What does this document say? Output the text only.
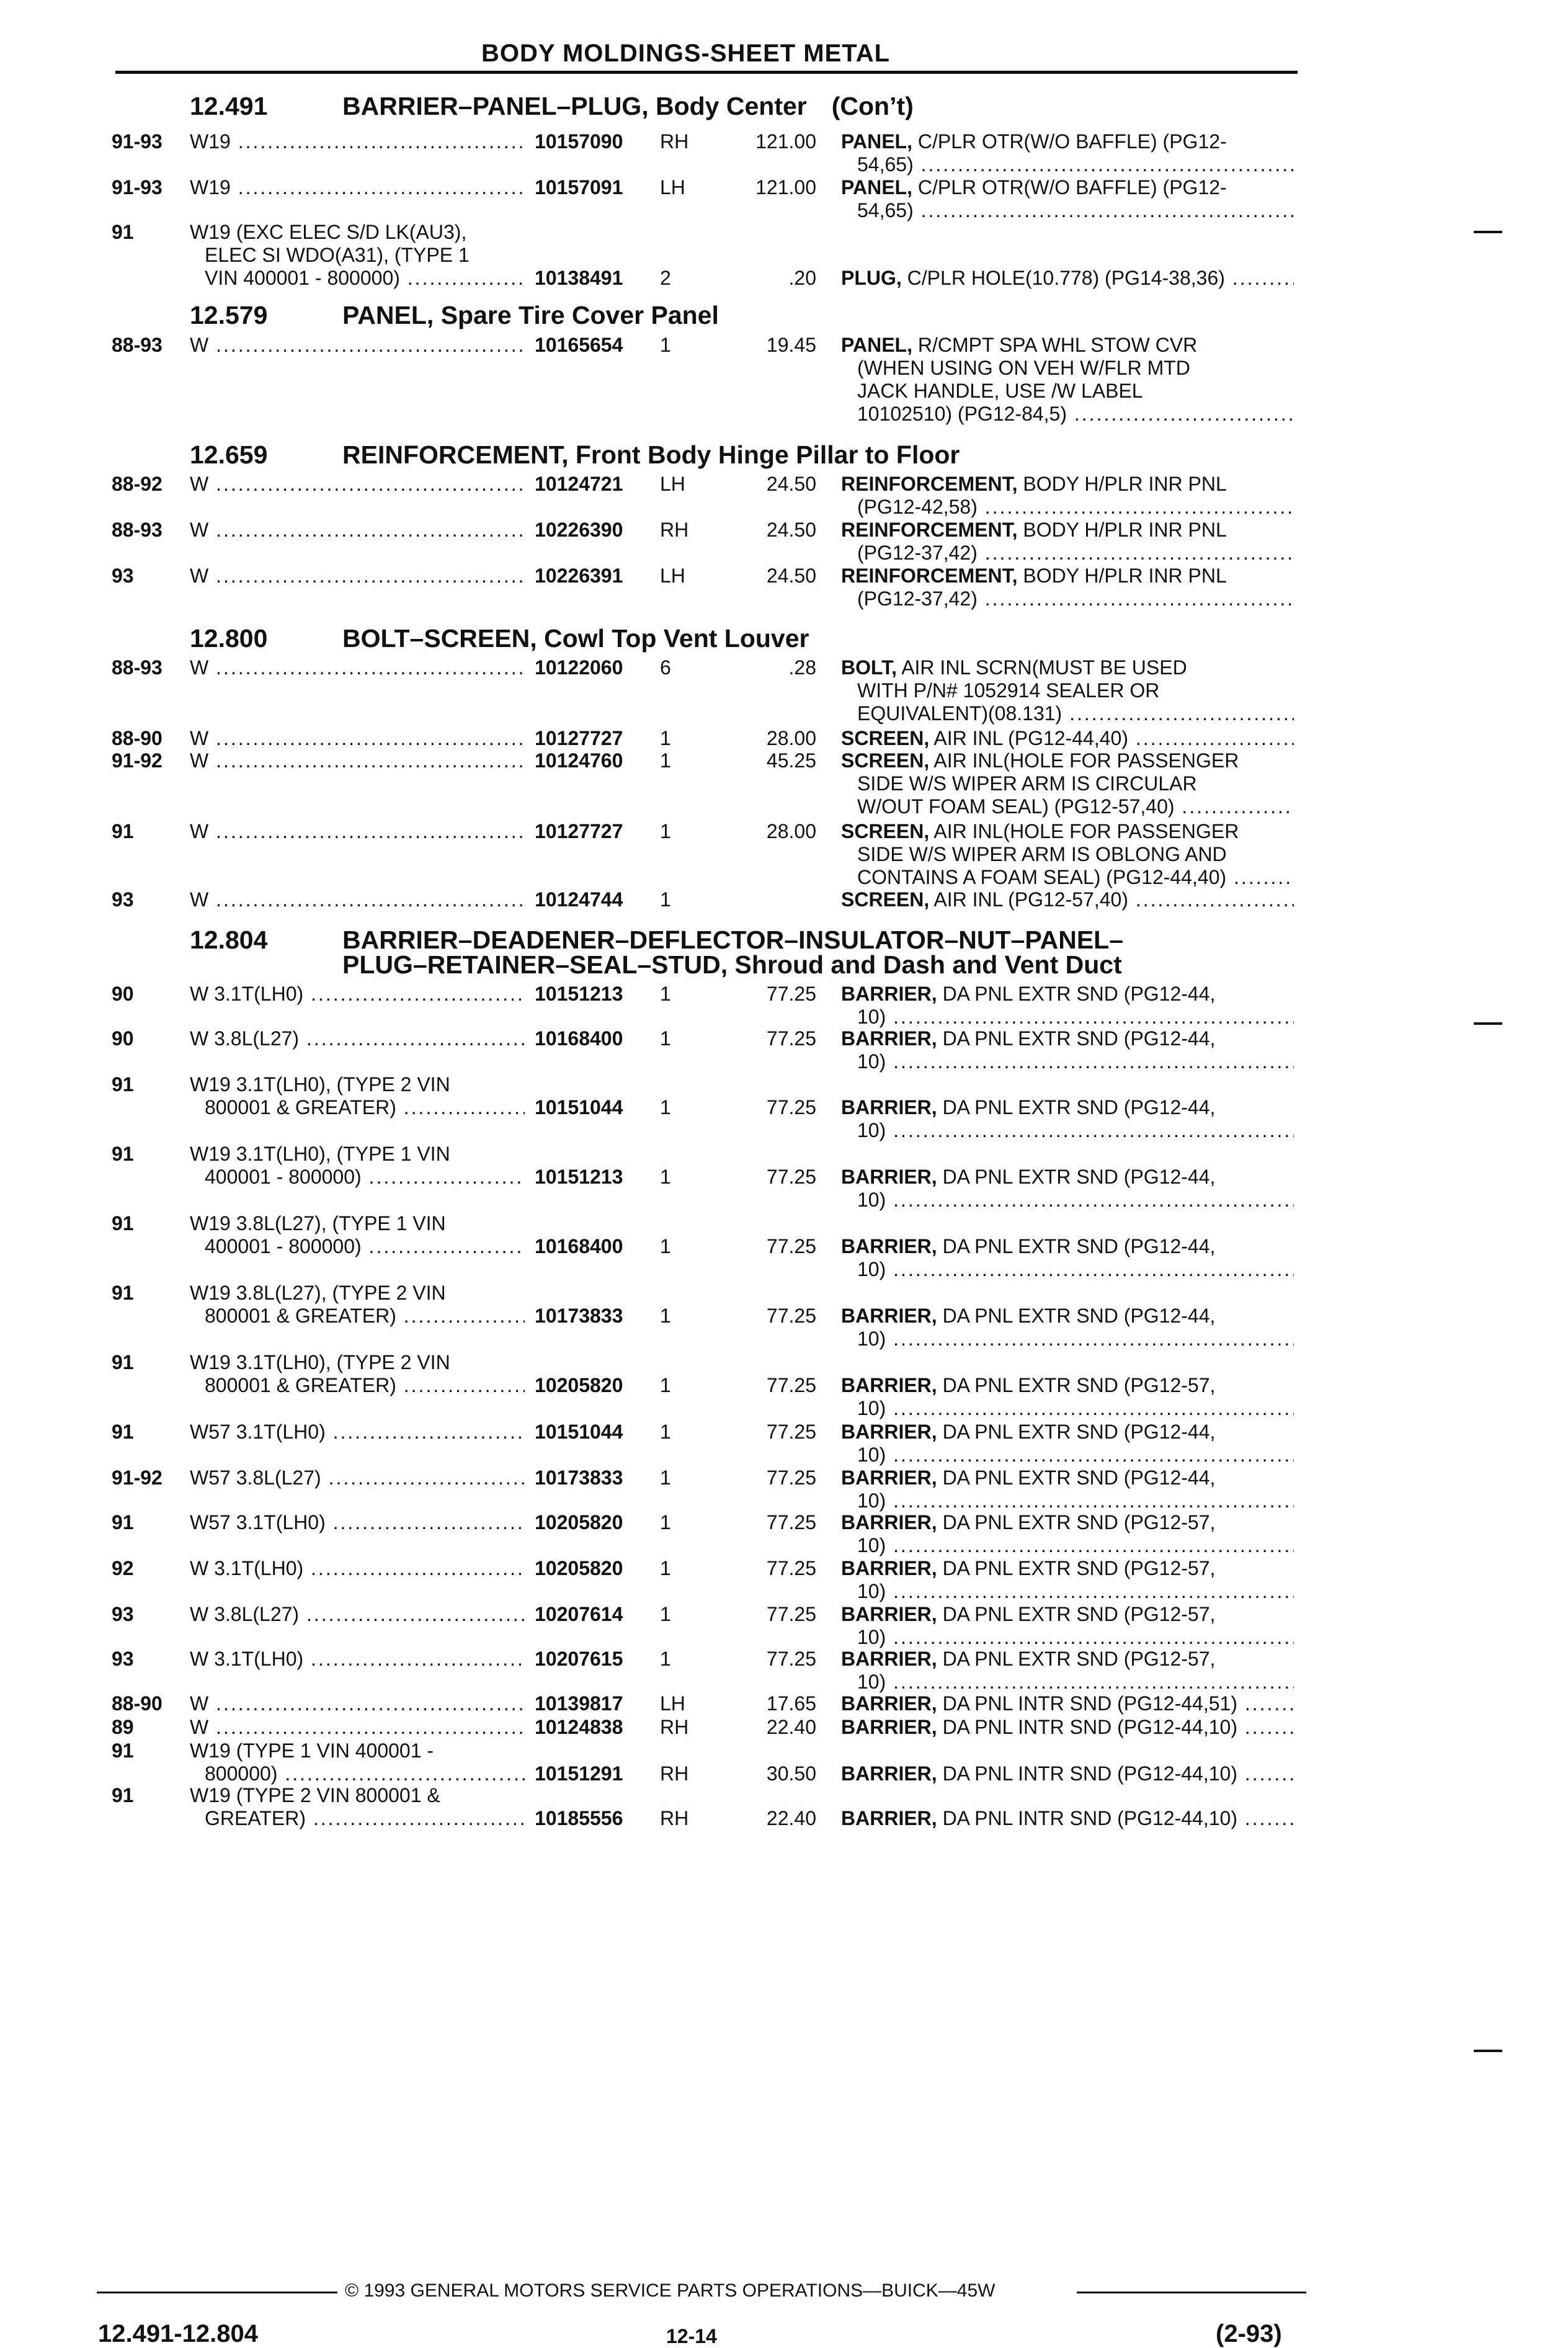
BODY MOLDINGS-SHEET METAL
12.491	BARRIER–PANEL–PLUG, Body Center (Con’t)
12.579	PANEL, Spare Tire Cover Panel
12.659	REINFORCEMENT, Front Body Hinge Pillar to Floor
12.800	BOLT–SCREEN, Cowl Top Vent Louver
12.804	BARRIER–DEADENER–DEFLECTOR–INSULATOR–NUT–PANEL–
PLUG–RETAINER–SEAL–STUD, Shroud and Dash and Vent Duct
91-93 W19 .....	10157090 RH	121.00 PANEL, C/PLR OTR(W/O BAFFLE) (PG12-
54,65) .....
91-93 W19 .....	10157091 LH	121.00 PANEL, C/PLR OTR(W/O BAFFLE) (PG12-
54,65) .....
91	W19 (EXC ELEC S/D LK(AU3),
ELEC SI WDO(A31), (TYPE 1
VIN 400001 - 800000) .....	10138491 2	.20 PLUG, C/PLR HOLE(10.778) (PG14-38,36) .....
88-93 W .....	10165654 1	19.45 PANEL, R/CMPT SPA WHL STOW CVR
(WHEN USING ON VEH W/FLR MTD
JACK HANDLE, USE /W LABEL
10102510) (PG12-84,5) .....
88-92 W .....	10124721 LH	24.50 REINFORCEMENT, BODY H/PLR INR PNL
(PG12-42,58) .....
88-93 W .....	10226390 RH	24.50 REINFORCEMENT, BODY H/PLR INR PNL
(PG12-37,42) .....
93	W .....	10226391 LH	24.50 REINFORCEMENT, BODY H/PLR INR PNL
(PG12-37,42) .....
88-93 W .....	10122060 6	.28 BOLT, AIR INL SCRN(MUST BE USED
WITH P/N# 1052914 SEALER OR
EQUIVALENT)(08.131) .....
88-90 W .....	10127727 1	28.00 SCREEN, AIR INL (PG12-44,40) .....
91-92 W .....	10124760 1	45.25 SCREEN, AIR INL(HOLE FOR PASSENGER
SIDE W/S WIPER ARM IS CIRCULAR
W/OUT FOAM SEAL) (PG12-57,40) .....
91	W .....	10127727 1	28.00 SCREEN, AIR INL(HOLE FOR PASSENGER
SIDE W/S WIPER ARM IS OBLONG AND
CONTAINS A FOAM SEAL) (PG12-44,40) .....
93	W .....	10124744 1	SCREEN, AIR INL (PG12-57,40) .....
90	W 3.1T(LH0) .....	10151213 1	77.25 BARRIER, DA PNL EXTR SND (PG12-44,
10) .....
90	W 3.8L(L27) .....	10168400 1	77.25 BARRIER, DA PNL EXTR SND (PG12-44,
10) .....
91	W19 3.1T(LH0), (TYPE 2 VIN
800001 & GREATER) .....	10151044 1	77.25 BARRIER, DA PNL EXTR SND (PG12-44,
10) .....
91	W19 3.1T(LH0), (TYPE 1 VIN
400001 - 800000) .....	10151213 1	77.25 BARRIER, DA PNL EXTR SND (PG12-44,
10) .....
91	W19 3.8L(L27), (TYPE 1 VIN
400001 - 800000) .....	10168400 1	77.25 BARRIER, DA PNL EXTR SND (PG12-44,
10) .....
91	W19 3.8L(L27), (TYPE 2 VIN
800001 & GREATER) .....	10173833 1	77.25 BARRIER, DA PNL EXTR SND (PG12-44,
10) .....
91	W19 3.1T(LH0), (TYPE 2 VIN
800001 & GREATER) .....	10205820 1	77.25 BARRIER, DA PNL EXTR SND (PG12-57,
10) .....
91	W57 3.1T(LH0) .....	10151044 1	77.25 BARRIER, DA PNL EXTR SND (PG12-44,
10) .....
91-92 W57 3.8L(L27) .....	10173833 1	77.25 BARRIER, DA PNL EXTR SND (PG12-44,
10) .....
91	W57 3.1T(LH0) .....	10205820 1	77.25 BARRIER, DA PNL EXTR SND (PG12-57,
10) .....
92	W 3.1T(LH0) .....	10205820 1	77.25 BARRIER, DA PNL EXTR SND (PG12-57,
10) .....
93	W 3.8L(L27) .....	10207614 1	77.25 BARRIER, DA PNL EXTR SND (PG12-57,
10) .....
93	W 3.1T(LH0) .....	10207615 1	77.25 BARRIER, DA PNL EXTR SND (PG12-57,
10) .....
88-90 W .....	10139817 LH	17.65 BARRIER, DA PNL INTR SND (PG12-44,51) .....
89	W .....	10124838 RH	22.40 BARRIER, DA PNL INTR SND (PG12-44,10) .....
91	W19 (TYPE 1 VIN 400001 -
800000) .....	10151291 RH	30.50 BARRIER, DA PNL INTR SND (PG12-44,10) .....
91	W19 (TYPE 2 VIN 800001 &
GREATER) .....	10185556 RH	22.40 BARRIER, DA PNL INTR SND (PG12-44,10) .....
© 1993 GENERAL MOTORS SERVICE PARTS OPERATIONS—BUICK—45W
12.491-12.804	12-14	(2-93)
